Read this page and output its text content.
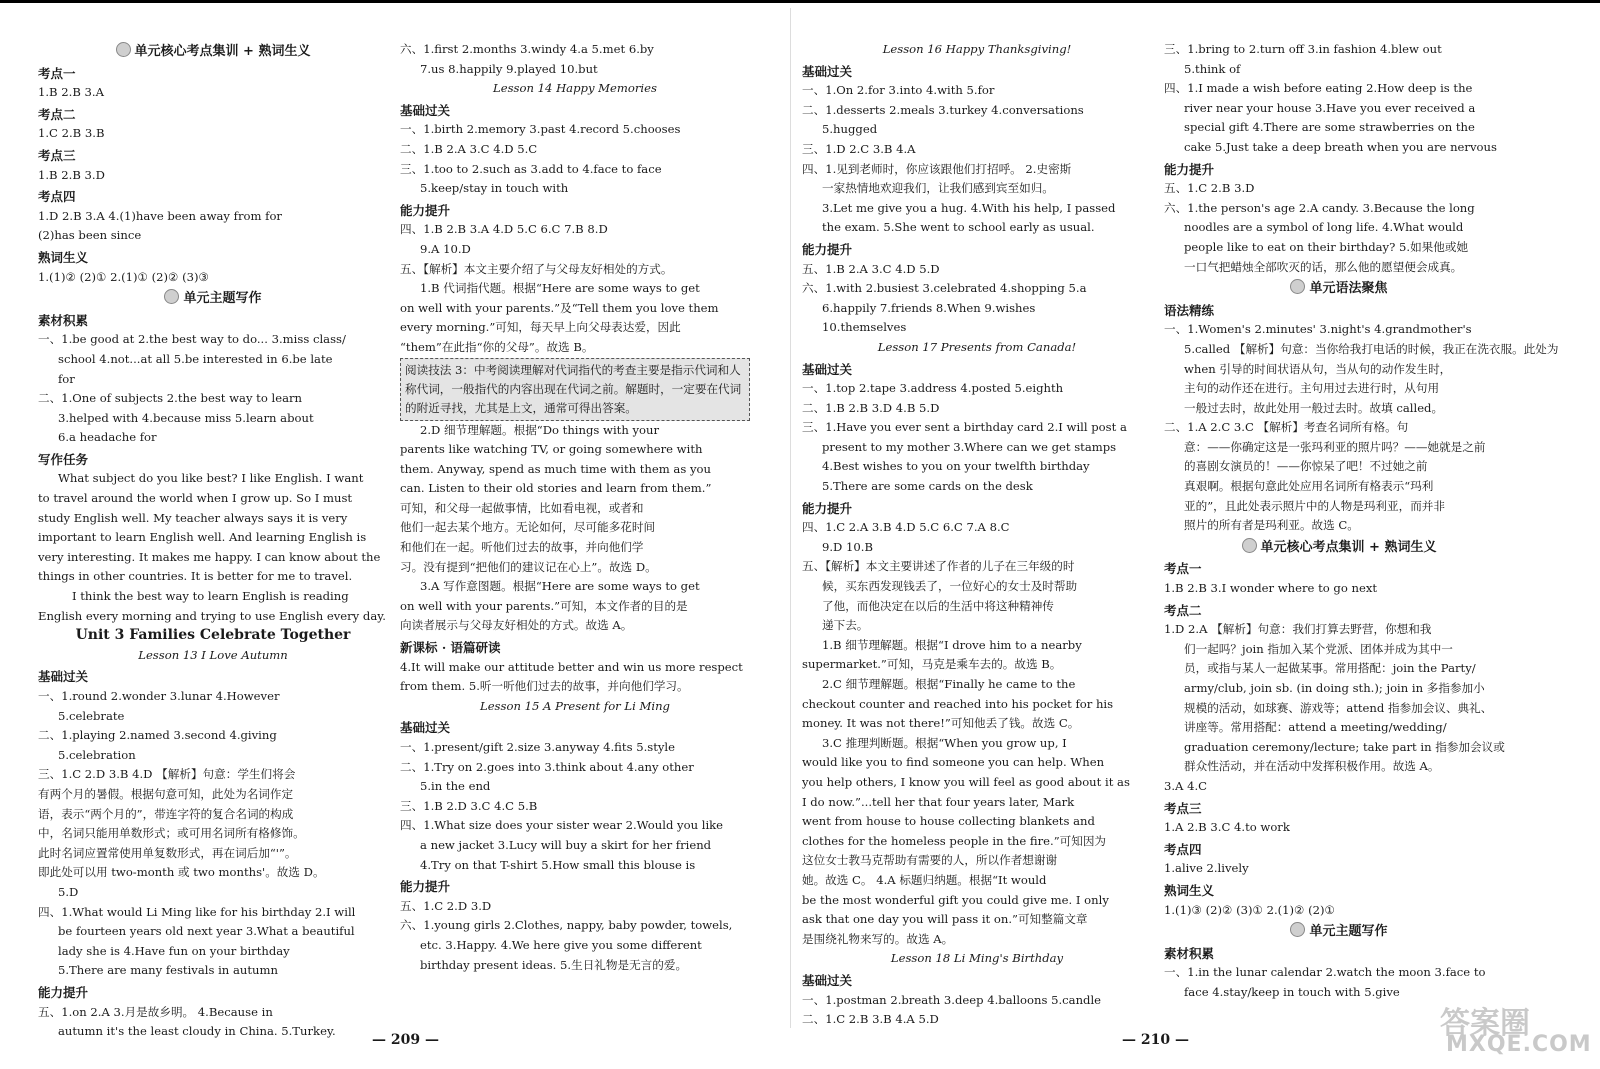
单元核心考点集训 + 熟词生义
考点一
1.B 2.B 3.A
考点二
1.C 2.B 3.B
考点三
1.B 2.B 3.D
考点四
1.D 2.B 3.A 4.(1)have been away from for
(2)has been since
熟词生义
1.(1)② (2)① 2.(1)① (2)② (3)③
单元主题写作
素材积累
一、1.be good at 2.the best way to do... 3.miss class/
school 4.not...at all 5.be interested in 6.be late
for
二、1.One of subjects 2.the best way to learn
3.helped with 4.because miss 5.learn about
6.a headache for
写作任务
What subject do you like best? I like English. I want
to travel around the world when I grow up. So I must
study English well. My teacher always says it is very
important to learn English well. And learning English is
very interesting. It makes me happy. I can know about the
things in other countries. It is better for me to travel.
I think the best way to learn English is reading
English every morning and trying to use English every day.
Unit 3 Families Celebrate Together
Lesson 13 I Love Autumn
基础过关
一、1.round 2.wonder 3.lunar 4.However
5.celebrate
二、1.playing 2.named 3.second 4.giving
5.celebration
三、1.C 2.D 3.B 4.D 【解析】句意：学生们将会
有两个月的暑假。根据句意可知，此处为名词作定
语，表示“两个月的”，带连字符的复合名词的构成
中，名词只能用单数形式；或可用名词所有格修饰。
此时名词应置常使用单复数形式，再在词后加“'”。
即此处可以用 two-month 或 two months'。故选 D。
5.D
四、1.What would Li Ming like for his birthday 2.I will
be fourteen years old next year 3.What a beautiful
lady she is 4.Have fun on your birthday
5.There are many festivals in autumn
能力提升
五、1.on 2.A 3.月是故乡明。 4.Because in
autumn it's the least cloudy in China. 5.Turkey.
六、1.first 2.months 3.windy 4.a 5.met 6.by
7.us 8.happily 9.played 10.but
Lesson 14 Happy Memories
基础过关
一、1.birth 2.memory 3.past 4.record 5.chooses
二、1.B 2.A 3.C 4.D 5.C
三、1.too to 2.such as 3.add to 4.face to face
5.keep/stay in touch with
能力提升
四、1.B 2.B 3.A 4.D 5.C 6.C 7.B 8.D
9.A 10.D
五、【解析】本文主要介绍了与父母友好相处的方式。
1.B 代词指代题。根据“Here are some ways to get
on well with your parents.”及“Tell them you love them
every morning.”可知，每天早上向父母表达爱，因此
“them”在此指“你的父母”。故选 B。
阅读技法 3：中考阅读理解对代词指代的考查主要是指示代词和人称代词，一般指代的内容出现在代词之前。解题时，一定要在代词的附近寻找，尤其是上文，通常可得出答案。
2.D 细节理解题。根据“Do things with your
parents like watching TV, or going somewhere with
them. Anyway, spend as much time with them as you
can. Listen to their old stories and learn from them.”
可知，和父母一起做事情，比如看电视，或者和
他们一起去某个地方。无论如何，尽可能多花时间
和他们在一起。听他们过去的故事，并向他们学
习。没有提到“把他们的建议记在心上”。故选 D。
3.A 写作意图题。根据“Here are some ways to get
on well with your parents.”可知，本文作者的目的是
向读者展示与父母友好相处的方式。故选 A。
新课标 · 语篇研读
4.It will make our attitude better and win us more respect
from them. 5.听一听他们过去的故事，并向他们学习。
Lesson 15 A Present for Li Ming
基础过关
一、1.present/gift 2.size 3.anyway 4.fits 5.style
二、1.Try on 2.goes into 3.think about 4.any other
5.in the end
三、1.B 2.D 3.C 4.C 5.B
四、1.What size does your sister wear 2.Would you like
a new jacket 3.Lucy will buy a skirt for her friend
4.Try on that T-shirt 5.How small this blouse is
能力提升
五、1.C 2.D 3.D
六、1.young girls 2.Clothes, nappy, baby powder, towels,
etc. 3.Happy. 4.We here give you some different
birthday present ideas. 5.生日礼物是无言的爱。
Lesson 16 Happy Thanksgiving!
基础过关
一、1.On 2.for 3.into 4.with 5.for
二、1.desserts 2.meals 3.turkey 4.conversations
5.hugged
三、1.D 2.C 3.B 4.A
四、1.见到老师时，你应该跟他们打招呼。 2.史密斯
一家热情地欢迎我们，让我们感到宾至如归。
3.Let me give you a hug. 4.With his help, I passed
the exam. 5.She went to school early as usual.
能力提升
五、1.B 2.A 3.C 4.D 5.D
六、1.with 2.busiest 3.celebrated 4.shopping 5.a
6.happily 7.friends 8.When 9.wishes
10.themselves
Lesson 17 Presents from Canada!
基础过关
一、1.top 2.tape 3.address 4.posted 5.eighth
二、1.B 2.B 3.D 4.B 5.D
三、1.Have you ever sent a birthday card 2.I will post a
present to my mother 3.Where can we get stamps
4.Best wishes to you on your twelfth birthday
5.There are some cards on the desk
能力提升
四、1.C 2.A 3.B 4.D 5.C 6.C 7.A 8.C
9.D 10.B
五、【解析】本文主要讲述了作者的儿子在三年级的时
候，买东西发现钱丢了，一位好心的女士及时帮助
了他，而他决定在以后的生活中将这种精神传
递下去。
1.B 细节理解题。根据“I drove him to a nearby
supermarket.”可知，马克是乘车去的。故选 B。
2.C 细节理解题。根据“Finally he came to the
checkout counter and reached into his pocket for his
money. It was not there!”可知他丢了钱。故选 C。
3.C 推理判断题。根据“When you grow up, I
would like you to find someone you can help. When
you help others, I know you will feel as good about it as
I do now.”...tell her that four years later, Mark
went from house to house collecting blankets and
clothes for the homeless people in the fire.”可知因为
这位女士教马克帮助有需要的人，所以作者想谢谢
她。故选 C。 4.A 标题归纳题。根据“It would
be the most wonderful gift you could give me. I only
ask that one day you will pass it on.”可知整篇文章
是围绕礼物来写的。故选 A。
Lesson 18 Li Ming's Birthday
基础过关
一、1.postman 2.breath 3.deep 4.balloons 5.candle
二、1.C 2.B 3.B 4.A 5.D
三、1.bring to 2.turn off 3.in fashion 4.blew out
5.think of
四、1.I made a wish before eating 2.How deep is the
river near your house 3.Have you ever received a
special gift 4.There are some strawberries on the
cake 5.Just take a deep breath when you are nervous
能力提升
五、1.C 2.B 3.D
六、1.the person's age 2.A candy. 3.Because the long
noodles are a symbol of long life. 4.What would
people like to eat on their birthday? 5.如果他或她
一口气把蜡烛全部吹灭的话，那么他的愿望便会成真。
单元语法聚焦
语法精练
一、1.Women's 2.minutes' 3.night's 4.grandmother's
5.called 【解析】句意：当你给我打电话的时候，我正在洗衣服。此处为
when 引导的时间状语从句，当从句的动作发生时，
主句的动作还在进行。主句用过去进行时，从句用
一般过去时，故此处用一般过去时。故填 called。
二、1.A 2.C 3.C 【解析】考查名词所有格。句
意：——你确定这是一张玛利亚的照片吗？——她就是之前
的喜剧女演员的！——你惊呆了吧！不过她之前
真艰啊。根据句意此处应用名词所有格表示“玛利
亚的”，且此处表示照片中的人物是玛利亚，而并非
照片的所有者是玛利亚。故选 C。
单元核心考点集训 + 熟词生义
考点一
1.B 2.B 3.I wonder where to go next
考点二
1.D 2.A 【解析】句意：我们打算去野营，你想和我
们一起吗？join 指加入某个党派、团体并成为其中一
员，或指与某人一起做某事。常用搭配：join the Party/
army/club, join sb. (in doing sth.); join in 多指参加小
规模的活动，如球赛、游戏等；attend 指参加会议、典礼、
讲座等。常用搭配：attend a meeting/wedding/
graduation ceremony/lecture; take part in 指参加会议或
群众性活动，并在活动中发挥积极作用。故选 A。
3.A 4.C
考点三
1.A 2.B 3.C 4.to work
考点四
1.alive 2.lively
熟词生义
1.(1)③ (2)② (3)① 2.(1)② (2)①
单元主题写作
素材积累
一、1.in the lunar calendar 2.watch the moon 3.face to
face 4.stay/keep in touch with 5.give
— 209 —	— 210 —	答案圈
MXQE.COM
